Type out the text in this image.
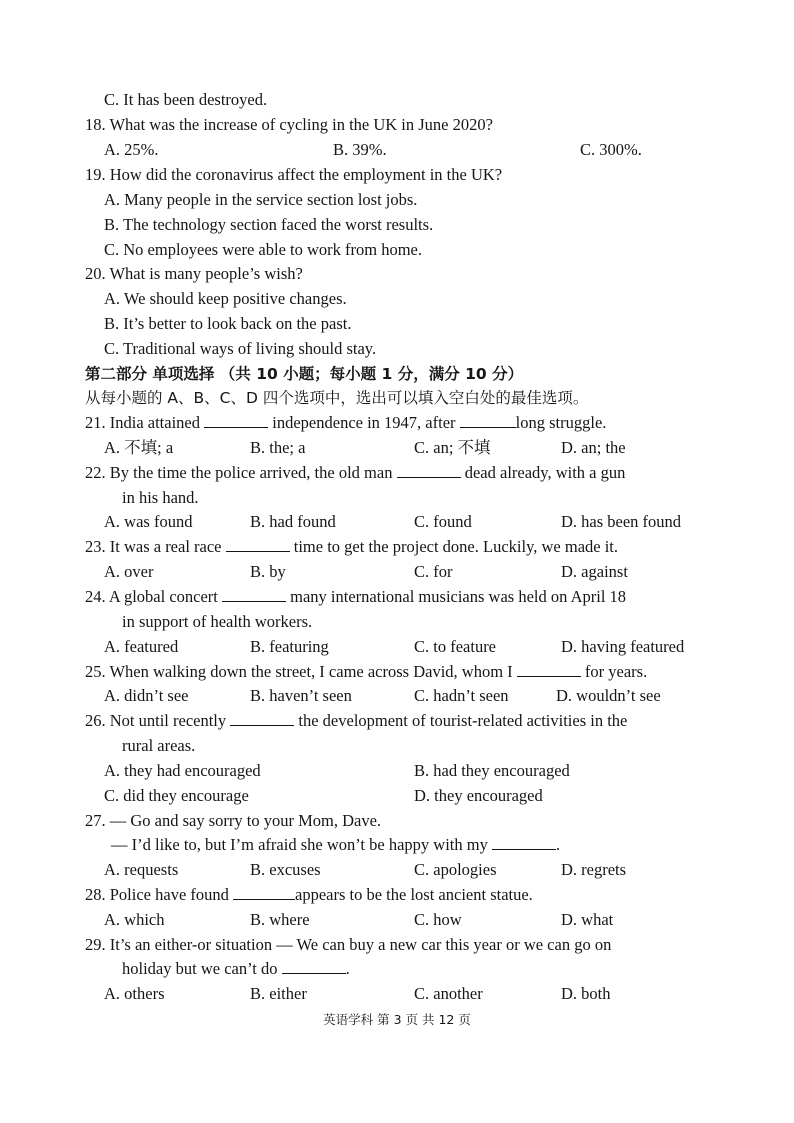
C. It has been destroyed.
18. What was the increase of cycling in the UK in June 2020?
A. 25%.	B. 39%.	C. 300%.
19. How did the coronavirus affect the employment in the UK?
A. Many people in the service section lost jobs.
B. The technology section faced the worst results.
C. No employees were able to work from home.
20. What is many people’s wish?
A. We should keep positive changes.
B. It’s better to look back on the past.
C. Traditional ways of living should stay.
第二部分 单项选择 （共 10 小题；每小题 1 分，满分 10 分）
从每小题的 A、B、C、D 四个选项中，选出可以填入空白处的最佳选项。
21. India attained	independence in 1947, after	long struggle.
A. 不填; a	B. the; a	C. an; 不填	D. an; the
22. By the time the police arrived, the old man	dead already, with a gun
in his hand.
A. was found	B. had found	C. found	D. has been found
23. It was a real race	time to get the project done. Luckily, we made it.
A. over	B. by	C. for	D. against
24. A global concert	many international musicians was held on April 18
in support of health workers.
A. featured	B. featuring	C. to feature	D. having featured
25. When walking down the street, I came across David, whom I	for years.
A. didn’t see	B. haven’t seen	C. hadn’t seen	D. wouldn’t see
26. Not until recently	the development of tourist-related activities in the
rural areas.
A. they had encouraged	B. had they encouraged
C. did they encourage	D. they encouraged
27. — Go and say sorry to your Mom, Dave.
— I’d like to, but I’m afraid she won’t be happy with my	.
A. requests	B. excuses	C. apologies	D. regrets
28. Police have found	appears to be the lost ancient statue.
A. which	B. where	C. how	D. what
29. It’s an either-or situation — We can buy a new car this year or we can go on
holiday but we can’t do	.
A. others	B. either	C. another	D. both
英语学科 第 3 页 共 12 页
